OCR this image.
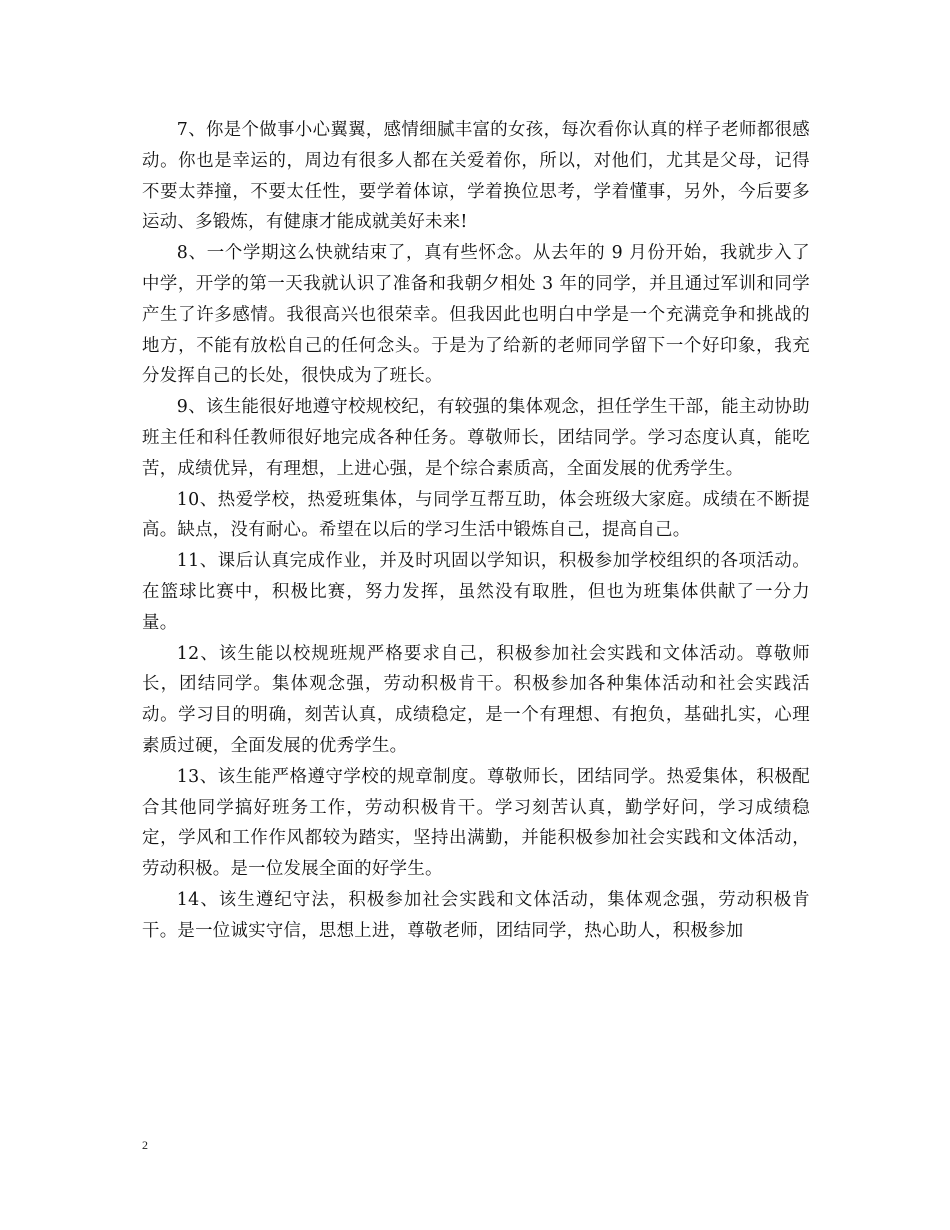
7、你是个做事小心翼翼，感情细腻丰富的女孩，每次看你认真的样子老师都很感动。你也是幸运的，周边有很多人都在关爱着你，所以，对他们，尤其是父母，记得不要太莽撞，不要太任性，要学着体谅，学着换位思考，学着懂事，另外，今后要多运动、多锻炼，有健康才能成就美好未来!

8、一个学期这么快就结束了，真有些怀念。从去年的 9 月份开始，我就步入了中学，开学的第一天我就认识了准备和我朝夕相处 3 年的同学，并且通过军训和同学产生了许多感情。我很高兴也很荣幸。但我因此也明白中学是一个充满竞争和挑战的地方，不能有放松自己的任何念头。于是为了给新的老师同学留下一个好印象，我充分发挥自己的长处，很快成为了班长。

9、该生能很好地遵守校规校纪，有较强的集体观念，担任学生干部，能主动协助班主任和科任教师很好地完成各种任务。尊敬师长，团结同学。学习态度认真，能吃苦，成绩优异，有理想，上进心强，是个综合素质高，全面发展的优秀学生。

10、热爱学校，热爱班集体，与同学互帮互助，体会班级大家庭。成绩在不断提高。缺点，没有耐心。希望在以后的学习生活中锻炼自己，提高自己。

11、课后认真完成作业，并及时巩固以学知识，积极参加学校组织的各项活动。在篮球比赛中，积极比赛，努力发挥，虽然没有取胜，但也为班集体供献了一分力量。

12、该生能以校规班规严格要求自己，积极参加社会实践和文体活动。尊敬师长，团结同学。集体观念强，劳动积极肯干。积极参加各种集体活动和社会实践活动。学习目的明确，刻苦认真，成绩稳定，是一个有理想、有抱负，基础扎实，心理素质过硬，全面发展的优秀学生。

13、该生能严格遵守学校的规章制度。尊敬师长，团结同学。热爱集体，积极配合其他同学搞好班务工作，劳动积极肯干。学习刻苦认真，勤学好问，学习成绩稳定，学风和工作作风都较为踏实，坚持出满勤，并能积极参加社会实践和文体活动，劳动积极。是一位发展全面的好学生。

14、该生遵纪守法，积极参加社会实践和文体活动，集体观念强，劳动积极肯干。是一位诚实守信，思想上进，尊敬老师，团结同学，热心助人，积极参加

2
